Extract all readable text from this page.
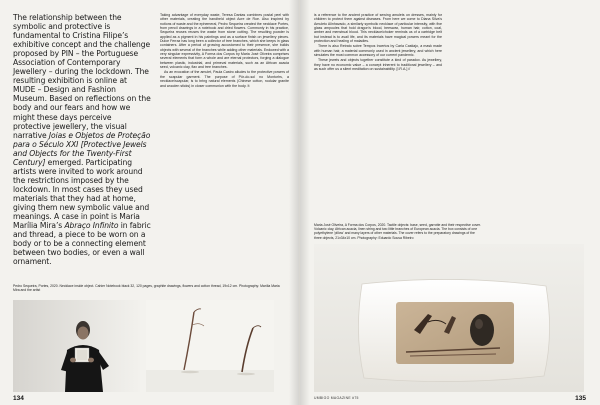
The relationship between the symbolic and protective is fundamental to Cristina Filipe’s exhibitive concept and the challenge proposed by PIN – the Portuguese Association of Contemporary Jewellery – during the lockdown. The resulting exhibition is online at MUDE – Design and Fashion Museum. Based on reflections on the body and our fears and how we might these days perceive protective jewellery, the visual narrative Joias e Objetos de Proteção para o Século XXI [Protective Jewels and Objects for the Twenty-First Century] emerged. Participating artists were invited to work around the restrictions imposed by the lockdown. In most cases they used materials that they had at home, giving them new symbolic value and meanings. A case in point is Maria Marília Mira’s Abraço Infinito in fabric and thread, a piece to be worn on a body or to be a connecting element between two bodies, or even a wall ornament.

Taking advantage of everyday waste, Teresa Dantas combines postal peel with other materials, creating the handheld object Acre de Roe. Also inspired by notions of waste and the ephemeral, Pedro Sequeira created the necklace Portes, from pencil drawings in a notebook and dried flowers. Commonly in his practice, Sequeira reuses reuses the waste from stone cutting. The resulting powder is applied as a pigment in his paintings and as a surface finish on jewellery pieces. Dulce Ferraz has long been a collector of tree branches, which she keeps in glass containers. After a period of growing accustomed to their presence, she builds objects with several of the branches while adding other materials. Endowed with a very singular expressivity, A Forma dos Corpos by Maria José Oliveira comprises several elements that form a whole and are eternal protectors, forging a dialogue between plastic, industrial, and primeval materials, such as an African acacia seed, volcanic clay, flax and tree branches.

As an evocation of the amulet, Paula Castro alludes to the protective powers of the scapular garment. The purpose of Pôr-do-sol no Montorhs, a necklace/scapular, is to bring natural elements (Chinese cotton, nodular granite and wooden sticks) in closer communion with the body. It

Pedro Sequeira, Portes, 2020. Necklace inside object. Cahier Notebook black 32, 120 pages, graphite drawings, flowers and cotton thread, 19x12 cm. Photography: Marília Maria Mira and the artist
134

is a reference to the ancient practice of sewing amulets on dresses, mainly for children to protect them against diseases. From here we come to Diana Silva’s Amuleto Alinhavado, a similarly symbolic necklace of particular intensity, with five glass ampoules that hold dragon’s blood, beeswax, human hair, cotton, coal, amber and menstrual blood. This necklace/choker reminds us of a cartridge belt but instead is to avail life, and its materials have magical powers meant for the protection and healing of maladies.

There is also Retrato sobre Tempos Incertos by Carla Castiajo, a mask made with human hair, a material commonly used in ancient jewellery, and which here simulates the most common accessory of our current pandemic.

These jewels and objects together constitute a kind of paradox. As jewellery, they have no economic value – a concept inherent to traditional jewellery – and as such offer us a silent meditation on sustainability. [I.R.A.] //

Maria José Oliveira, A Forma dos Corpos, 2020. Tactile objects: base, seed, garrotte and their respective cover. Volcanic clay, African acacia, linen string and two little branches of European acacia. The box consists of one polyethylene 'pillow' and many layers of other materials. The cover refers to the preparatory drawings of the three objects, 21x34x10 cm. Photography: Eduardo Sousa Ribeiro
UMBIGO MAGAZINE #75	135
